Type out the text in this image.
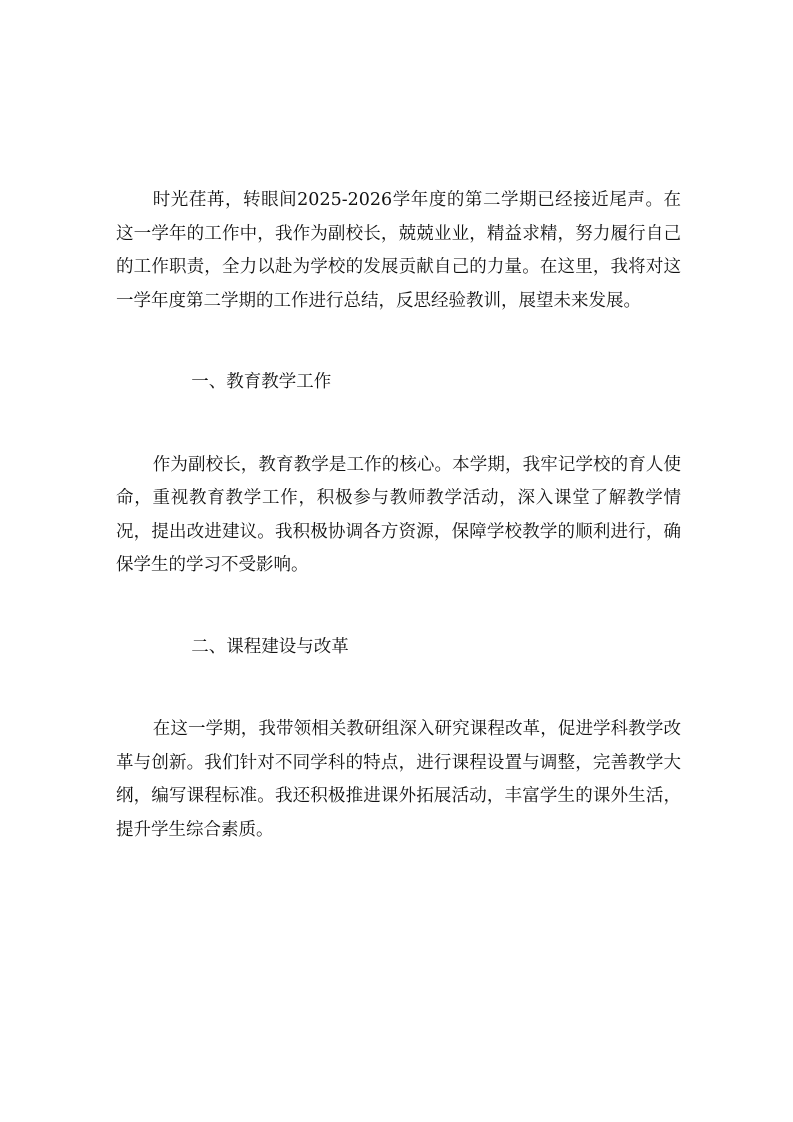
时光荏苒，转眼间2025-2026学年度的第二学期已经接近尾声。在这一学年的工作中，我作为副校长，兢兢业业，精益求精，努力履行自己的工作职责，全力以赴为学校的发展贡献自己的力量。在这里，我将对这一学年度第二学期的工作进行总结，反思经验教训，展望未来发展。

一、教育教学工作

作为副校长，教育教学是工作的核心。本学期，我牢记学校的育人使命，重视教育教学工作，积极参与教师教学活动，深入课堂了解教学情况，提出改进建议。我积极协调各方资源，保障学校教学的顺利进行，确保学生的学习不受影响。

二、课程建设与改革

在这一学期，我带领相关教研组深入研究课程改革，促进学科教学改革与创新。我们针对不同学科的特点，进行课程设置与调整，完善教学大纲，编写课程标准。我还积极推进课外拓展活动，丰富学生的课外生活，提升学生综合素质。
